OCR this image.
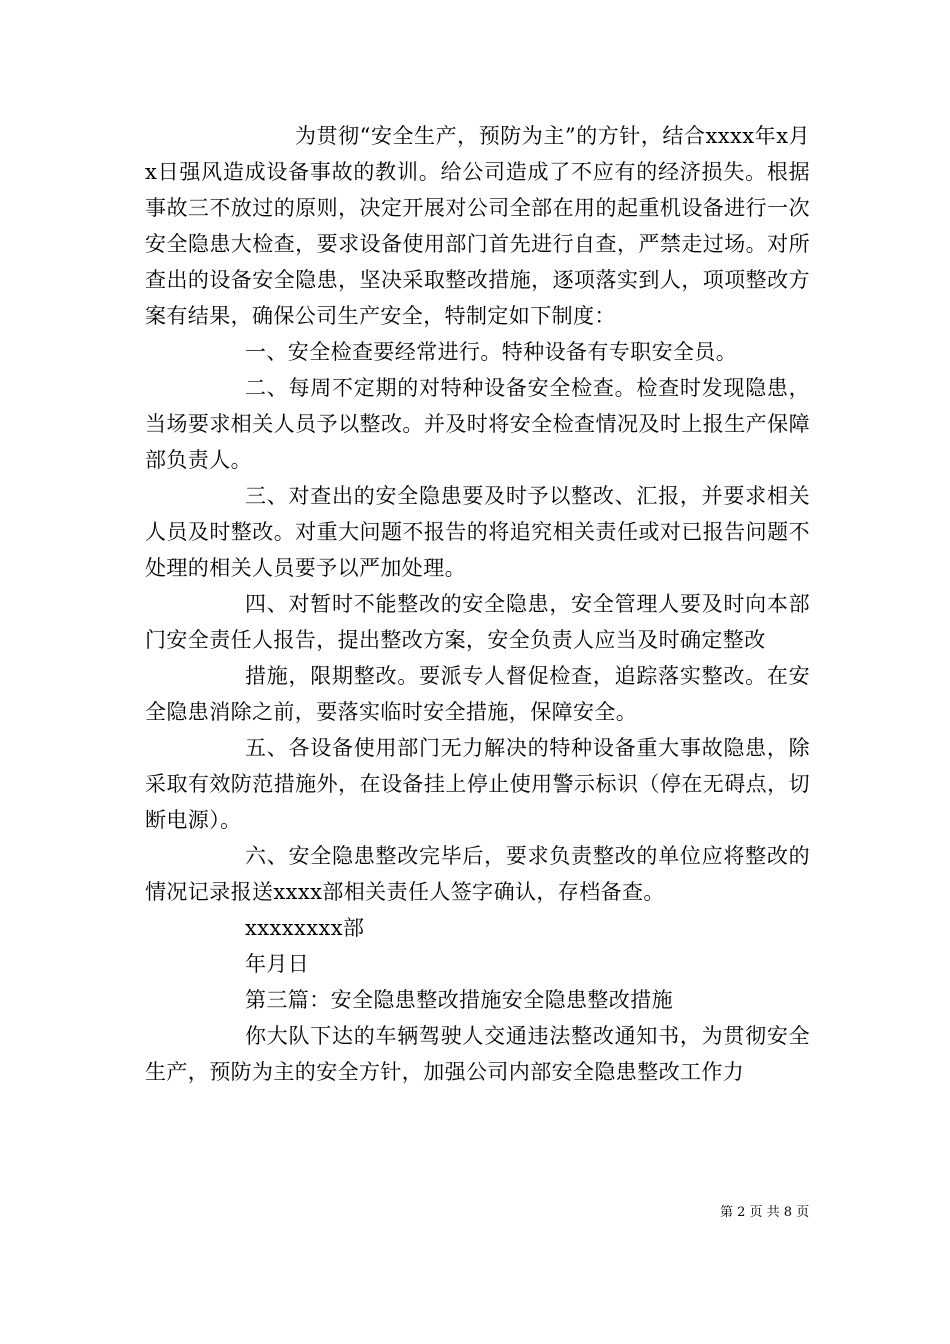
为贯彻“安全生产，预防为主”的方针，结合xxxx年x月x日强风造成设备事故的教训。给公司造成了不应有的经济损失。根据事故三不放过的原则，决定开展对公司全部在用的起重机设备进行一次安全隐患大检查，要求设备使用部门首先进行自查，严禁走过场。对所查出的设备安全隐患，坚决采取整改措施，逐项落实到人，项项整改方案有结果，确保公司生产安全，特制定如下制度：

一、安全检查要经常进行。特种设备有专职安全员。

二、每周不定期的对特种设备安全检查。检查时发现隐患，当场要求相关人员予以整改。并及时将安全检查情况及时上报生产保障部负责人。

三、对查出的安全隐患要及时予以整改、汇报，并要求相关人员及时整改。对重大问题不报告的将追究相关责任或对已报告问题不处理的相关人员要予以严加处理。

四、对暂时不能整改的安全隐患，安全管理人要及时向本部门安全责任人报告，提出整改方案，安全负责人应当及时确定整改

措施，限期整改。要派专人督促检查，追踪落实整改。在安全隐患消除之前，要落实临时安全措施，保障安全。

五、各设备使用部门无力解决的特种设备重大事故隐患，除采取有效防范措施外，在设备挂上停止使用警示标识（停在无碍点，切断电源）。

六、安全隐患整改完毕后，要求负责整改的单位应将整改的情况记录报送xxxx部相关责任人签字确认，存档备查。

xxxxxxxx部

年月日

第三篇：安全隐患整改措施安全隐患整改措施

你大队下达的车辆驾驶人交通违法整改通知书，为贯彻安全生产，预防为主的安全方针，加强公司内部安全隐患整改工作力

第 2 页 共 8 页
